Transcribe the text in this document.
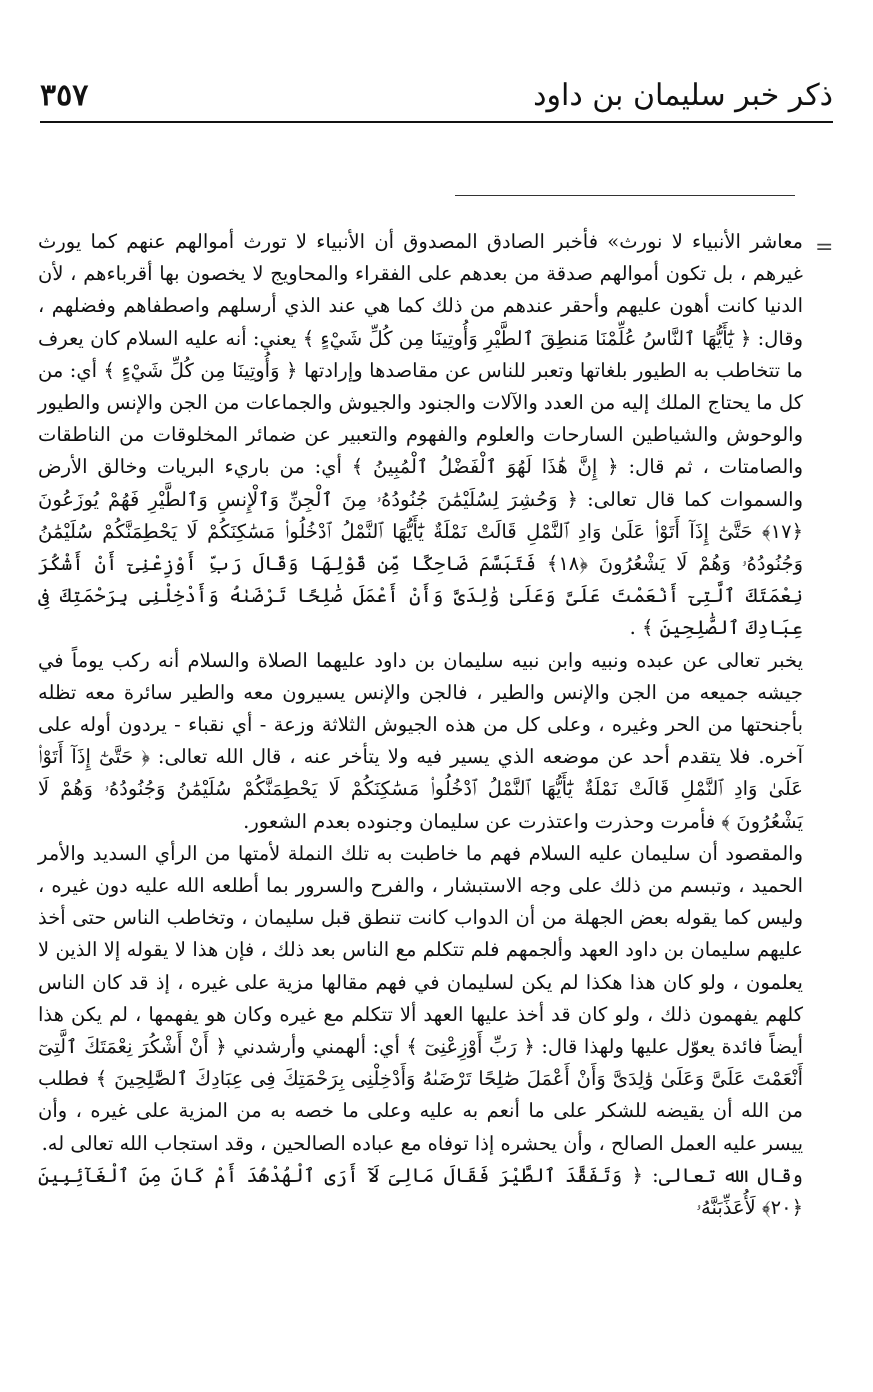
ذكر خبر سليمان بن داود
٣٥٧
=

معاشر الأنبياء لا نورث» فأخبر الصادق المصدوق أن الأنبياء لا تورث أموالهم عنهم كما يورث غيرهم ، بل تكون أموالهم صدقة من بعدهم على الفقراء والمحاويج لا يخصون بها أقرباءهم ، لأن الدنيا كانت أهون عليهم وأحقر عندهم من ذلك كما هي عند الذي أرسلهم واصطفاهم وفضلهم ، وقال: ﴿ يَٰٓأَيُّهَا ٱلنَّاسُ عُلِّمْنَا مَنطِقَ ٱلطَّيْرِ وَأُوتِينَا مِن كُلِّ شَيْءٍ ﴾ يعني: أنه عليه السلام كان يعرف ما تتخاطب به الطيور بلغاتها وتعبر للناس عن مقاصدها وإرادتها ﴿ وَأُوتِينَا مِن كُلِّ شَيْءٍ ﴾ أي: من كل ما يحتاج الملك إليه من العدد والآلات والجنود والجيوش والجماعات من الجن والإنس والطيور والوحوش والشياطين السارحات والعلوم والفهوم والتعبير عن ضمائر المخلوقات من الناطقات والصامتات ، ثم قال: ﴿ إِنَّ هَٰذَا لَهُوَ ٱلْفَضْلُ ٱلْمُبِينُ ﴾ أي: من باريء البريات وخالق الأرض والسموات كما قال تعالى: ﴿ وَحُشِرَ لِسُلَيْمَٰنَ جُنُودُهُۥ مِنَ ٱلْجِنِّ وَٱلْإِنسِ وَٱلطَّيْرِ فَهُمْ يُوزَعُونَ ﴿١٧﴾ حَتَّىٰٓ إِذَآ أَتَوْا۟ عَلَىٰ وَادِ ٱلنَّمْلِ قَالَتْ نَمْلَةٌ يَٰٓأَيُّهَا ٱلنَّمْلُ ٱدْخُلُوا۟ مَسَٰكِنَكُمْ لَا يَحْطِمَنَّكُمْ سُلَيْمَٰنُ وَجُنُودُهُۥ وَهُمْ لَا يَشْعُرُونَ ﴿١٨﴾ فَتَبَسَّمَ ضَاحِكًا مِّن قَوْلِهَا وَقَالَ رَبِّ أَوْزِعْنِىٓ أَنْ أَشْكُرَ نِعْمَتَكَ ٱلَّتِىٓ أَنْعَمْتَ عَلَىَّ وَعَلَىٰ وَٰلِدَىَّ وَأَنْ أَعْمَلَ صَٰلِحًا تَرْضَىٰهُ وَأَدْخِلْنِى بِرَحْمَتِكَ فِى عِبَادِكَ ٱلصَّٰلِحِينَ ﴾ .

يخبر تعالى عن عبده ونبيه وابن نبيه سليمان بن داود عليهما الصلاة والسلام أنه ركب يوماً في جيشه جميعه من الجن والإنس والطير ، فالجن والإنس يسيرون معه والطير سائرة معه تظله بأجنحتها من الحر وغيره ، وعلى كل من هذه الجيوش الثلاثة وزعة - أي نقباء - يردون أوله على آخره. فلا يتقدم أحد عن موضعه الذي يسير فيه ولا يتأخر عنه ، قال الله تعالى: ﴿ حَتَّىٰٓ إِذَآ أَتَوْا۟ عَلَىٰ وَادِ ٱلنَّمْلِ قَالَتْ نَمْلَةٌ يَٰٓأَيُّهَا ٱلنَّمْلُ ٱدْخُلُوا۟ مَسَٰكِنَكُمْ لَا يَحْطِمَنَّكُمْ سُلَيْمَٰنُ وَجُنُودُهُۥ وَهُمْ لَا يَشْعُرُونَ ﴾ فأمرت وحذرت واعتذرت عن سليمان وجنوده بعدم الشعور.

والمقصود أن سليمان عليه السلام فهم ما خاطبت به تلك النملة لأمتها من الرأي السديد والأمر الحميد ، وتبسم من ذلك على وجه الاستبشار ، والفرح والسرور بما أطلعه الله عليه دون غيره ، وليس كما يقوله بعض الجهلة من أن الدواب كانت تنطق قبل سليمان ، وتخاطب الناس حتى أخذ عليهم سليمان بن داود العهد وألجمهم فلم تتكلم مع الناس بعد ذلك ، فإن هذا لا يقوله إلا الذين لا يعلمون ، ولو كان هذا هكذا لم يكن لسليمان في فهم مقالها مزية على غيره ، إذ قد كان الناس كلهم يفهمون ذلك ، ولو كان قد أخذ عليها العهد ألا تتكلم مع غيره وكان هو يفهمها ، لم يكن هذا أيضاً فائدة يعوّل عليها ولهذا قال: ﴿ رَبِّ أَوْزِعْنِىٓ ﴾ أي: ألهمني وأرشدني ﴿ أَنْ أَشْكُرَ نِعْمَتَكَ ٱلَّتِىٓ أَنْعَمْتَ عَلَىَّ وَعَلَىٰ وَٰلِدَىَّ وَأَنْ أَعْمَلَ صَٰلِحًا تَرْضَىٰهُ وَأَدْخِلْنِى بِرَحْمَتِكَ فِى عِبَادِكَ ٱلصَّٰلِحِينَ ﴾ فطلب من الله أن يقيضه للشكر على ما أنعم به عليه وعلى ما خصه به من المزية على غيره ، وأن ييسر عليه العمل الصالح ، وأن يحشره إذا توفاه مع عباده الصالحين ، وقد استجاب الله تعالى له.

وقال الله تعالى: ﴿ وَتَفَقَّدَ ٱلطَّيْرَ فَقَالَ مَالِىَ لَآ أَرَى ٱلْهُدْهُدَ أَمْ كَانَ مِنَ ٱلْغَآئِبِينَ ﴿٢٠﴾ لَأُعَذِّبَنَّهُۥ
